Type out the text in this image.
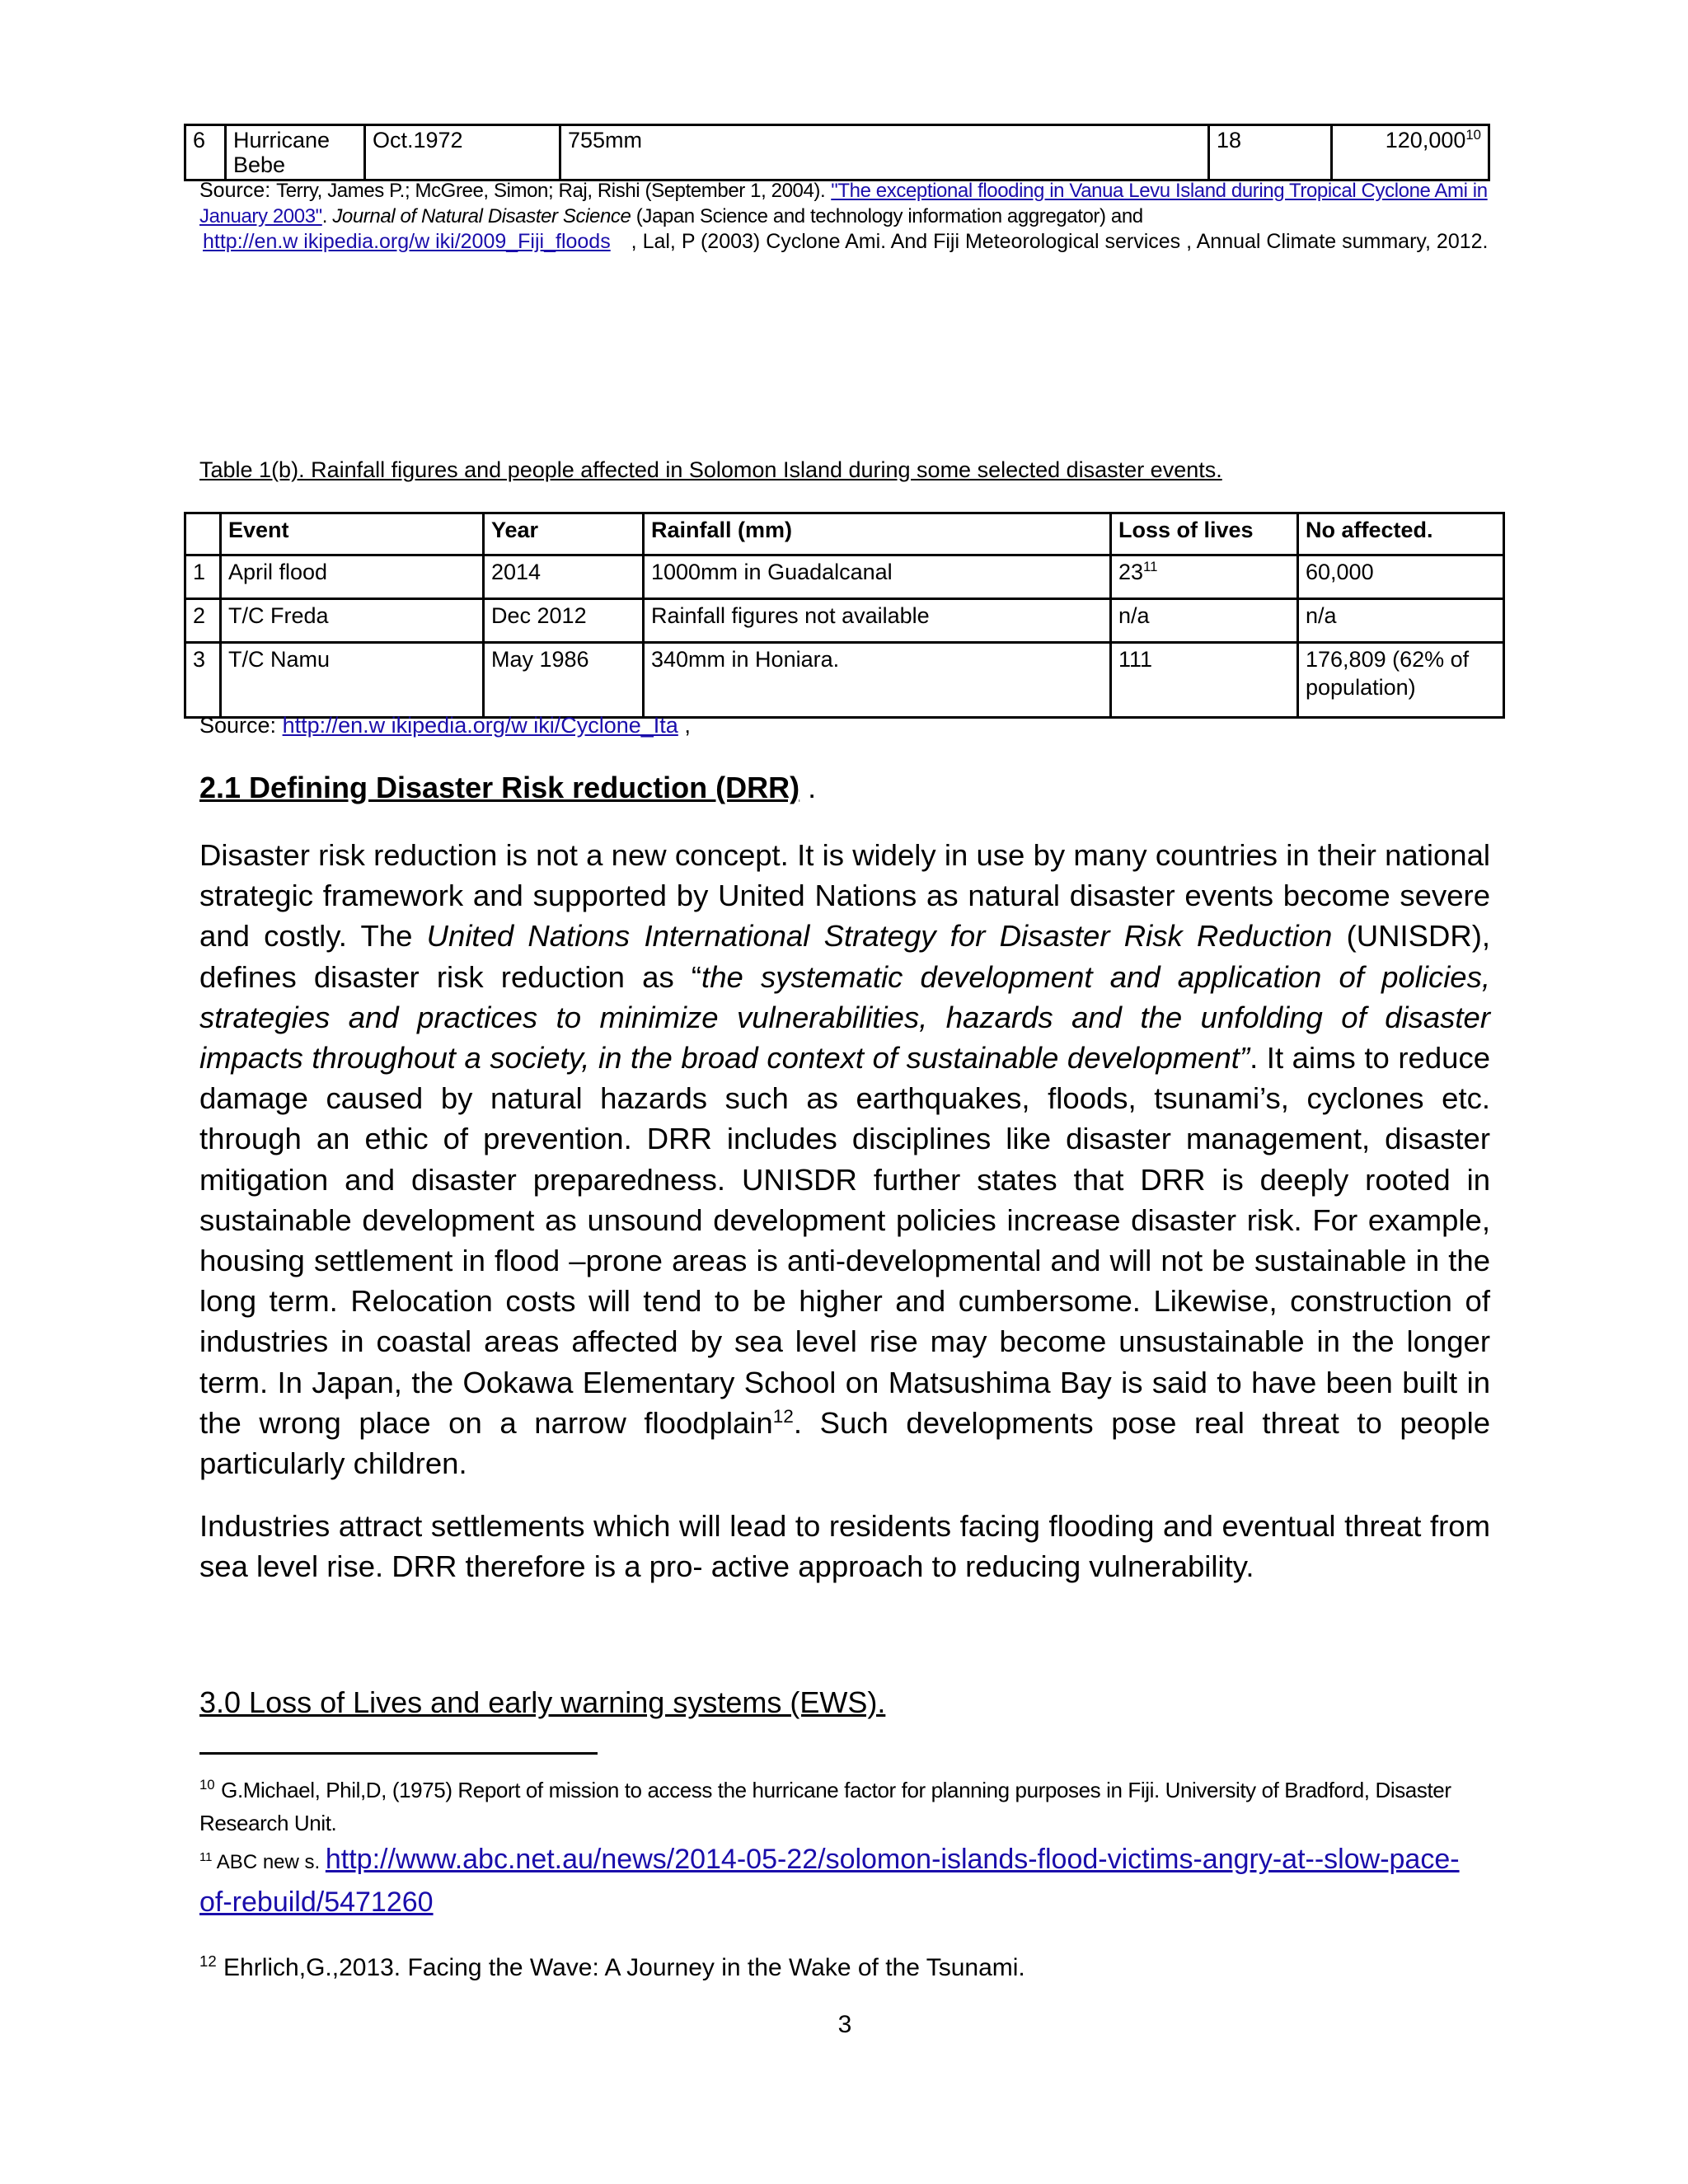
6	Hurricane Bebe	Oct.1972	755mm	18	120,000$^{10}$
Source: Terry, James P.; McGree, Simon; Raj, Rishi (September 1, 2004). "The exceptional flooding in Vanua Levu Island during Tropical Cyclone Ami in January 2003". Journal of Natural Disaster Science (Japan Science and technology information aggregator) and
http://en.w ikipedia.org/w iki/2009_Fiji_floods , Lal, P (2003) Cyclone Ami. And Fiji Meteorological services , Annual Climate summary, 2012.
Table 1(b). Rainfall figures and people affected in Solomon Island during some selected disaster events.
	Event	Year	Rainfall (mm)	Loss of lives	No affected.
1	April flood	2014	1000mm in Guadalcanal	$23^{11}$	60,000
2	T/C Freda	Dec 2012	Rainfall figures not available	n/a	n/a
3	T/C Namu	May 1986	340mm in Honiara.	111	176,809 (62% of population)
Source: http://en.w ikipedia.org/w iki/Cyclone_Ita ,
2.1 Defining Disaster Risk reduction (DRR) .
Disaster risk reduction is not a new concept. It is widely in use by many countries in their national strategic framework and supported by United Nations as natural disaster events become severe and costly. The United Nations International Strategy for Disaster Risk Reduction (UNISDR), defines disaster risk reduction as “the systematic development and application of policies, strategies and practices to minimize vulnerabilities, hazards and the unfolding of disaster impacts throughout a society, in the broad context of sustainable development”. It aims to reduce damage caused by natural hazards such as earthquakes, floods, tsunami’s, cyclones etc. through an ethic of prevention. DRR includes disciplines like disaster management, disaster mitigation and disaster preparedness. UNISDR further states that DRR is deeply rooted in sustainable development as unsound development policies increase disaster risk. For example, housing settlement in flood –prone areas is anti-developmental and will not be sustainable in the long term. Relocation costs will tend to be higher and cumbersome. Likewise, construction of industries in coastal areas affected by sea level rise may become unsustainable in the longer term. In Japan, the Ookawa Elementary School on Matsushima Bay is said to have been built in the wrong place on a narrow floodplain$^{12}$. Such developments pose real threat to people particularly children.
Industries attract settlements which will lead to residents facing flooding and eventual threat from sea level rise. DRR therefore is a pro- active approach to reducing vulnerability.
3.0 Loss of Lives and early warning systems (EWS).
$^{10}$ G.Michael, Phil,D, (1975) Report of mission to access the hurricane factor for planning purposes in Fiji. University of Bradford, Disaster Research Unit.
$^{11}$ ABC new s. http://www.abc.net.au/news/2014-05-22/solomon-islands-flood-victims-angry-at--slow-pace-of-rebuild/5471260
$^{12}$ Ehrlich,G.,2013. Facing the Wave: A Journey in the Wake of the Tsunami.
3
